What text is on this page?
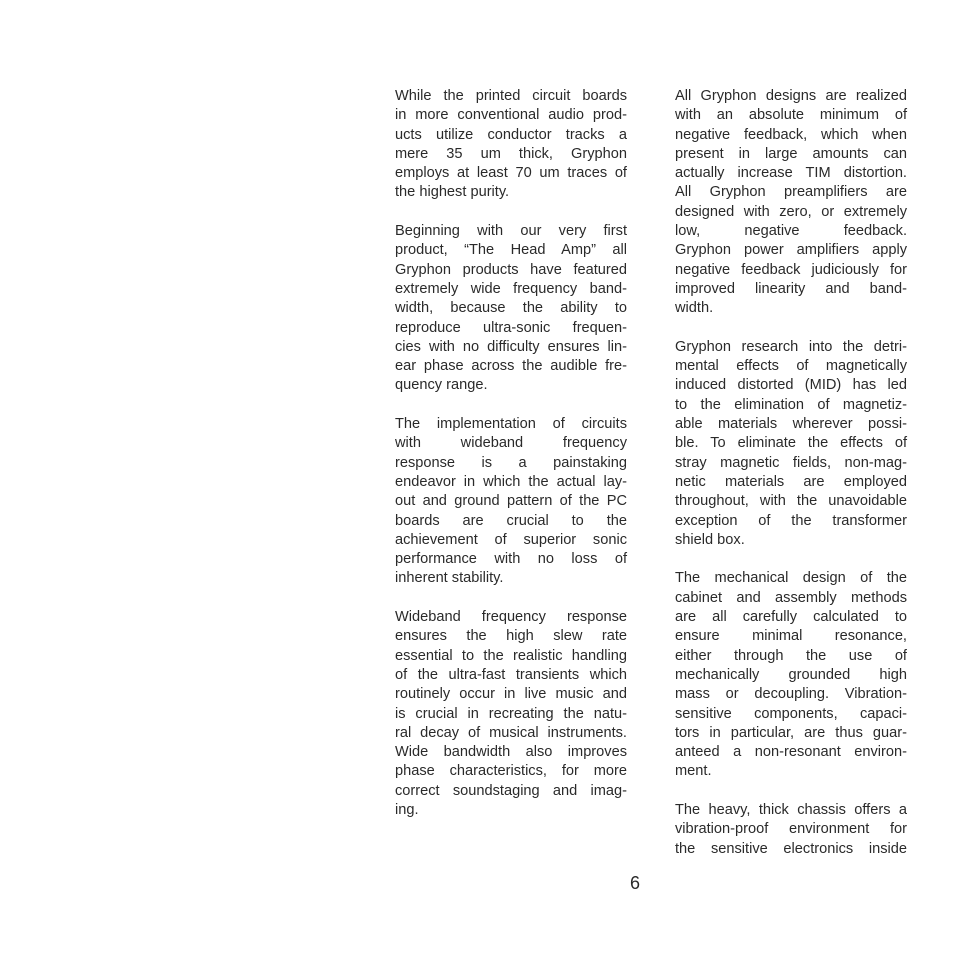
While the printed circuit boards
in more conventional audio prod-
ucts utilize conductor tracks a
mere 35 um thick, Gryphon
employs at least 70 um traces of
the highest purity.
Beginning with our very first
product, “The Head Amp” all
Gryphon products have featured
extremely wide frequency band-
width, because the ability to
reproduce ultra-sonic frequen-
cies with no difficulty ensures lin-
ear phase across the audible fre-
quency range.
The implementation of circuits
with wideband frequency
response is a painstaking
endeavor in which the actual lay-
out and ground pattern of the PC
boards are crucial to the
achievement of superior sonic
performance with no loss of
inherent stability.
Wideband frequency response
ensures the high slew rate
essential to the realistic handling
of the ultra-fast transients which
routinely occur in live music and
is crucial in recreating the natu-
ral decay of musical instruments.
Wide bandwidth also improves
phase characteristics, for more
correct soundstaging and imag-
ing.
All Gryphon designs are realized
with an absolute minimum of
negative feedback, which when
present in large amounts can
actually increase TIM distortion.
All Gryphon preamplifiers are
designed with zero, or extremely
low, negative feedback.
Gryphon power amplifiers apply
negative feedback judiciously for
improved linearity and band-
width.
Gryphon research into the detri-
mental effects of magnetically
induced distorted (MID) has led
to the elimination of magnetiz-
able materials wherever possi-
ble. To eliminate the effects of
stray magnetic fields, non-mag-
netic materials are employed
throughout, with the unavoidable
exception of the transformer
shield box.
The mechanical design of the
cabinet and assembly methods
are all carefully calculated to
ensure minimal resonance,
either through the use of
mechanically grounded high
mass or decoupling. Vibration-
sensitive components, capaci-
tors in particular, are thus guar-
anteed a non-resonant environ-
ment.
The heavy, thick chassis offers a
vibration-proof environment for
the sensitive electronics inside
6
